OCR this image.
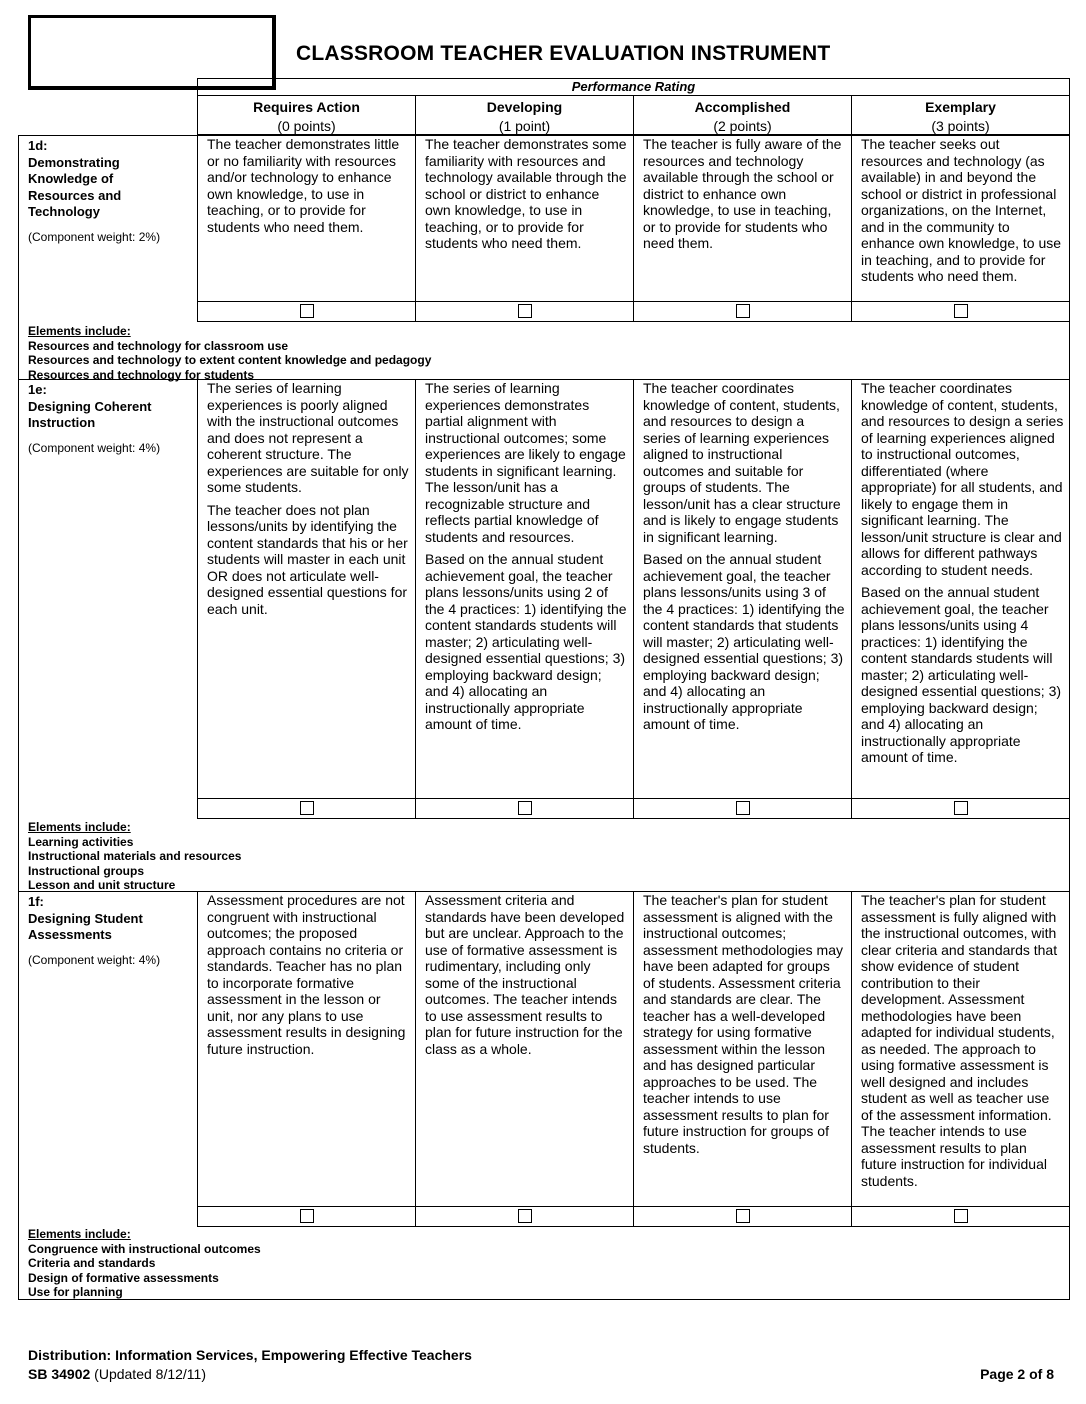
CLASSROOM TEACHER EVALUATION INSTRUMENT
Performance Rating
Requires Action
(0 points)
Developing
(1 point)
Accomplished
(2 points)
Exemplary
(3 points)
1d:
Demonstrating
Knowledge of
Resources and
Technology
(Component weight: 2%)

The teacher demonstrates little or no familiarity with resources and/or technology to enhance own knowledge, to use in teaching, or to provide for students who need them.

The teacher demonstrates some familiarity with resources and technology available through the school or district to enhance own knowledge, to use in teaching, or to provide for students who need them.

The teacher is fully aware of the resources and technology available through the school or district to enhance own knowledge, to use in teaching, or to provide for students who need them.

The teacher seeks out resources and technology (as available) in and beyond the school or district in professional organizations, on the Internet, and in the community to enhance own knowledge, to use in teaching, and to provide for students who need them.

Elements include:
Resources and technology for classroom use
Resources and technology to extent content knowledge and pedagogy
Resources and technology for students
1e:
Designing Coherent
Instruction
(Component weight: 4%)

The series of learning experiences is poorly aligned with the instructional outcomes and does not represent a coherent structure. The experiences are suitable for only some students.

The teacher does not plan lessons/units by identifying the content standards that his or her students will master in each unit OR does not articulate well-designed essential questions for each unit.

The series of learning experiences demonstrates partial alignment with instructional outcomes; some experiences are likely to engage students in significant learning. The lesson/unit has a recognizable structure and reflects partial knowledge of students and resources.

Based on the annual student achievement goal, the teacher plans lessons/units using 2 of the 4 practices: 1) identifying the content standards students will master; 2) articulating well-designed essential questions; 3) employing backward design; and 4) allocating an instructionally appropriate amount of time.

The teacher coordinates knowledge of content, students, and resources to design a series of learning experiences aligned to instructional outcomes and suitable for groups of students. The lesson/unit has a clear structure and is likely to engage students in significant learning.

Based on the annual student achievement goal, the teacher plans lessons/units using 3 of the 4 practices: 1) identifying the content standards that students will master; 2) articulating well-designed essential questions; 3) employing backward design; and 4) allocating an instructionally appropriate amount of time.

The teacher coordinates knowledge of content, students, and resources to design a series of learning experiences aligned to instructional outcomes, differentiated (where appropriate) for all students, and likely to engage them in significant learning. The lesson/unit structure is clear and allows for different pathways according to student needs.

Based on the annual student achievement goal, the teacher plans lessons/units using 4 practices: 1) identifying the content standards students will master; 2) articulating well-designed essential questions; 3) employing backward design; and 4) allocating an instructionally appropriate amount of time.

Elements include:
Learning activities
Instructional materials and resources
Instructional groups
Lesson and unit structure
1f:
Designing Student
Assessments
(Component weight: 4%)

Assessment procedures are not congruent with instructional outcomes; the proposed approach contains no criteria or standards. Teacher has no plan to incorporate formative assessment in the lesson or unit, nor any plans to use assessment results in designing future instruction.

Assessment criteria and standards have been developed but are unclear. Approach to the use of formative assessment is rudimentary, including only some of the instructional outcomes. The teacher intends to use assessment results to plan for future instruction for the class as a whole.

The teacher's plan for student assessment is aligned with the instructional outcomes; assessment methodologies may have been adapted for groups of students. Assessment criteria and standards are clear. The teacher has a well-developed strategy for using formative assessment within the lesson and has designed particular approaches to be used. The teacher intends to use assessment results to plan for future instruction for groups of students.

The teacher's plan for student assessment is fully aligned with the instructional outcomes, with clear criteria and standards that show evidence of student contribution to their development. Assessment methodologies have been adapted for individual students, as needed. The approach to using formative assessment is well designed and includes student as well as teacher use of the assessment information. The teacher intends to use assessment results to plan future instruction for individual students.

Elements include:
Congruence with instructional outcomes
Criteria and standards
Design of formative assessments
Use for planning
Distribution: Information Services, Empowering Effective Teachers
SB 34902 (Updated 8/12/11)	Page 2 of 8
